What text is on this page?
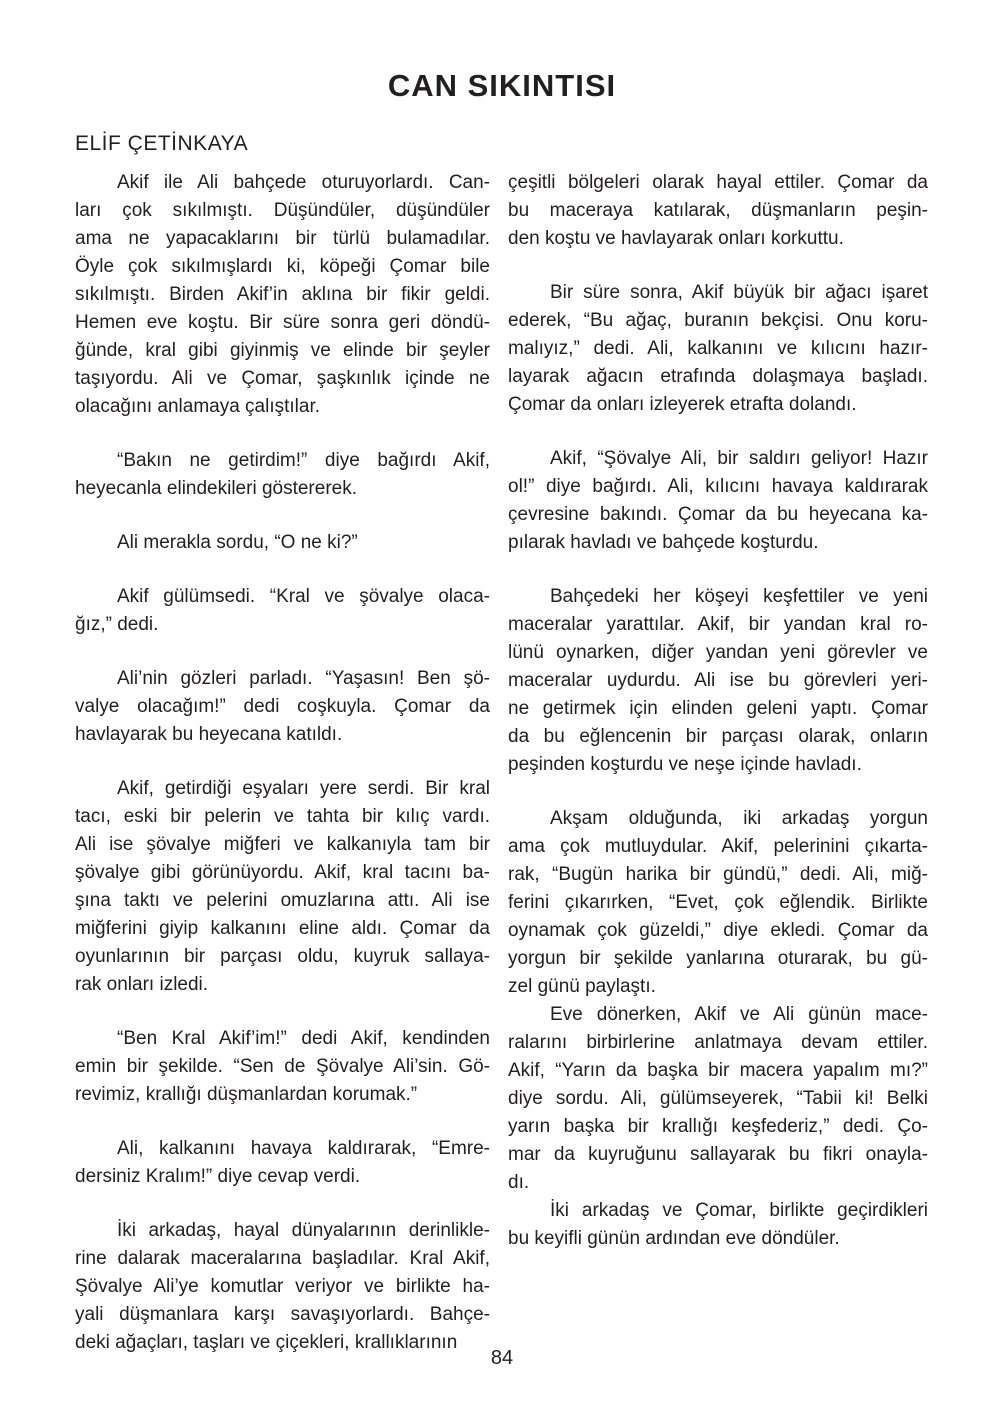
CAN SIKINTISI
ELİF ÇETİNKAYA

Akif ile Ali bahçede oturuyorlardı. Can-
ları çok sıkılmıştı. Düşündüler, düşündüler
ama ne yapacaklarını bir türlü bulamadılar.
Öyle çok sıkılmışlardı ki, köpeği Çomar bile
sıkılmıştı. Birden Akif’in aklına bir fikir geldi.
Hemen eve koştu. Bir süre sonra geri döndü-
ğünde, kral gibi giyinmiş ve elinde bir şeyler
taşıyordu. Ali ve Çomar, şaşkınlık içinde ne
olacağını anlamaya çalıştılar.

“Bakın ne getirdim!” diye bağırdı Akif,
heyecanla elindekileri göstererek.

Ali merakla sordu, “O ne ki?”

Akif gülümsedi. “Kral ve şövalye olaca-
ğız,” dedi.

Ali’nin gözleri parladı. “Yaşasın! Ben şö-
valye olacağım!” dedi coşkuyla. Çomar da
havlayarak bu heyecana katıldı.

Akif, getirdiği eşyaları yere serdi. Bir kral
tacı, eski bir pelerin ve tahta bir kılıç vardı.
Ali ise şövalye miğferi ve kalkanıyla tam bir
şövalye gibi görünüyordu. Akif, kral tacını ba-
şına taktı ve pelerini omuzlarına attı. Ali ise
miğferini giyip kalkanını eline aldı. Çomar da
oyunlarının bir parçası oldu, kuyruk sallaya-
rak onları izledi.

“Ben Kral Akif’im!” dedi Akif, kendinden
emin bir şekilde. “Sen de Şövalye Ali’sin. Gö-
revimiz, krallığı düşmanlardan korumak.”

Ali, kalkanını havaya kaldırarak, “Emre-
dersiniz Kralım!” diye cevap verdi.

İki arkadaş, hayal dünyalarının derinlikle-
rine dalarak maceralarına başladılar. Kral Akif,
Şövalye Ali’ye komutlar veriyor ve birlikte ha-
yali düşmanlara karşı savaşıyorlardı. Bahçe-
deki ağaçları, taşları ve çiçekleri, krallıklarının

çeşitli bölgeleri olarak hayal ettiler. Çomar da
bu maceraya katılarak, düşmanların peşin-
den koştu ve havlayarak onları korkuttu.

Bir süre sonra, Akif büyük bir ağacı işaret
ederek, “Bu ağaç, buranın bekçisi. Onu koru-
malıyız,” dedi. Ali, kalkanını ve kılıcını hazır-
layarak ağacın etrafında dolaşmaya başladı.
Çomar da onları izleyerek etrafta dolandı.

Akif, “Şövalye Ali, bir saldırı geliyor! Hazır
ol!” diye bağırdı. Ali, kılıcını havaya kaldırarak
çevresine bakındı. Çomar da bu heyecana ka-
pılarak havladı ve bahçede koşturdu.

Bahçedeki her köşeyi keşfettiler ve yeni
maceralar yarattılar. Akif, bir yandan kral ro-
lünü oynarken, diğer yandan yeni görevler ve
maceralar uydurdu. Ali ise bu görevleri yeri-
ne getirmek için elinden geleni yaptı. Çomar
da bu eğlencenin bir parçası olarak, onların
peşinden koşturdu ve neşe içinde havladı.

Akşam olduğunda, iki arkadaş yorgun
ama çok mutluydular. Akif, pelerinini çıkarta-
rak, “Bugün harika bir gündü,” dedi. Ali, miğ-
ferini çıkarırken, “Evet, çok eğlendik. Birlikte
oynamak çok güzeldi,” diye ekledi. Çomar da
yorgun bir şekilde yanlarına oturarak, bu gü-
zel günü paylaştı.

Eve dönerken, Akif ve Ali günün mace-
ralarını birbirlerine anlatmaya devam ettiler.
Akif, “Yarın da başka bir macera yapalım mı?”
diye sordu. Ali, gülümseyerek, “Tabii ki! Belki
yarın başka bir krallığı keşfederiz,” dedi. Ço-
mar da kuyruğunu sallayarak bu fikri onayla-
dı.

İki arkadaş ve Çomar, birlikte geçirdikleri
bu keyifli günün ardından eve döndüler.

84
